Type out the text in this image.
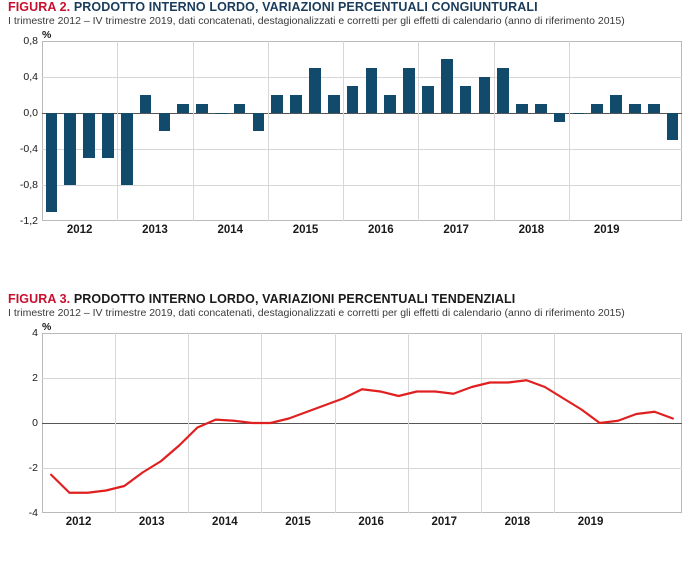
FIGURA 2. PRODOTTO INTERNO LORDO, VARIAZIONI PERCENTUALI CONGIUNTURALI
I trimestre 2012 – IV trimestre 2019, dati concatenati, destagionalizzati e corretti per gli effetti di calendario (anno di riferimento 2015)
%
-1,2
-0,8
-0,4
0,0
0,4
0,8
2012	2013	2014	2015	2016	2017	2018	2019
FIGURA 3. PRODOTTO INTERNO LORDO, VARIAZIONI PERCENTUALI TENDENZIALI
I trimestre 2012 – IV trimestre 2019, dati concatenati, destagionalizzati e corretti per gli effetti di calendario (anno di riferimento 2015)
%
-4
-2
0
2
4
2012	2013	2014	2015	2016	2017	2018	2019
